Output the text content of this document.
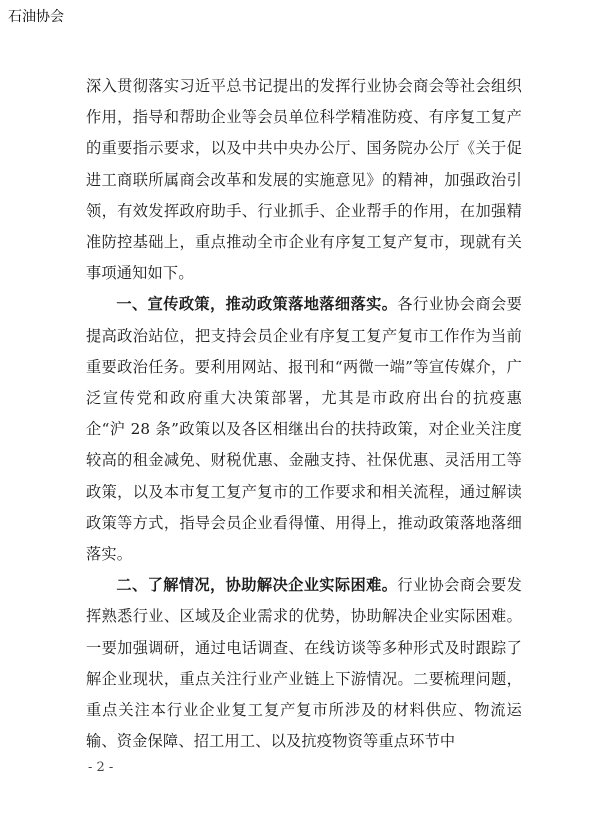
石油协会

深入贯彻落实习近平总书记提出的发挥行业协会商会等社会组织作用，指导和帮助企业等会员单位科学精准防疫、有序复工复产的重要指示要求，以及中共中央办公厅、国务院办公厅《关于促进工商联所属商会改革和发展的实施意见》的精神，加强政治引领，有效发挥政府助手、行业抓手、企业帮手的作用，在加强精准防控基础上，重点推动全市企业有序复工复产复市，现就有关事项通知如下。

一、宣传政策，推动政策落地落细落实。各行业协会商会要提高政治站位，把支持会员企业有序复工复产复市工作作为当前重要政治任务。要利用网站、报刊和“两微一端”等宣传媒介，广泛宣传党和政府重大决策部署，尤其是市政府出台的抗疫惠企“沪 28 条”政策以及各区相继出台的扶持政策，对企业关注度较高的租金减免、财税优惠、金融支持、社保优惠、灵活用工等政策，以及本市复工复产复市的工作要求和相关流程，通过解读政策等方式，指导会员企业看得懂、用得上，推动政策落地落细落实。

二、了解情况，协助解决企业实际困难。行业协会商会要发挥熟悉行业、区域及企业需求的优势，协助解决企业实际困难。一要加强调研，通过电话调查、在线访谈等多种形式及时跟踪了解企业现状，重点关注行业产业链上下游情况。二要梳理问题，重点关注本行业企业复工复产复市所涉及的材料供应、物流运输、资金保障、招工用工、以及抗疫物资等重点环节中

- 2 -
